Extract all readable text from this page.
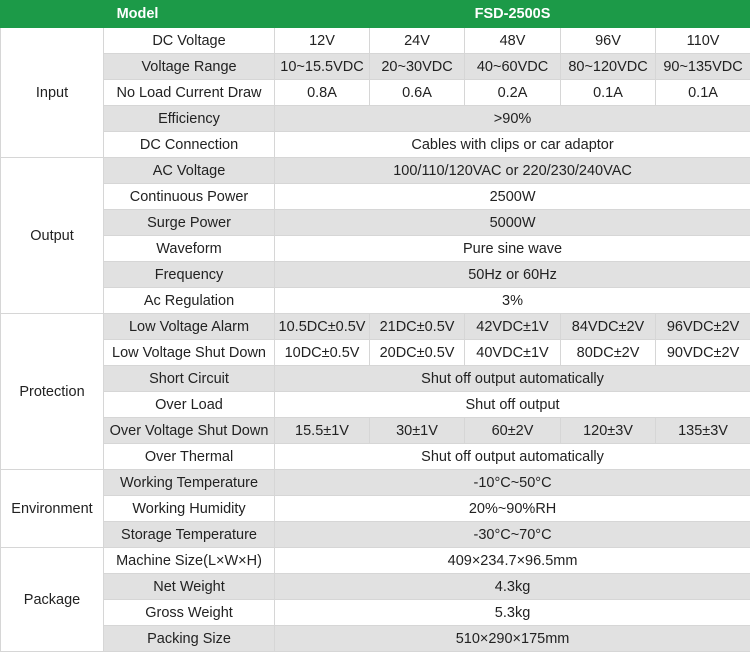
Model		FSD-2500S				
Input	DC Voltage	12V	24V	48V	96V	110V
	Voltage Range	10~15.5VDC	20~30VDC	40~60VDC	80~120VDC	90~135VDC
	No Load Current Draw	0.8A	0.6A	0.2A	0.1A	0.1A
	Efficiency	>90%				
	DC Connection	Cables with clips or car adaptor				
Output	AC Voltage	100/110/120VAC or 220/230/240VAC				
	Continuous Power	2500W				
	Surge Power	5000W				
	Waveform	Pure sine wave				
	Frequency	50Hz or 60Hz				
	Ac Regulation	3%				
Protection	Low Voltage Alarm	10.5DC±0.5V	21DC±0.5V	42VDC±1V	84VDC±2V	96VDC±2V
	Low Voltage Shut Down	10DC±0.5V	20DC±0.5V	40VDC±1V	80DC±2V	90VDC±2V
	Short Circuit	Shut off output automatically				
	Over Load	Shut off output				
	Over Voltage Shut Down	15.5±1V	30±1V	60±2V	120±3V	135±3V
	Over Thermal	Shut off output automatically				
Environment	Working Temperature	-10°C~50°C				
	Working Humidity	20%~90%RH				
	Storage Temperature	-30°C~70°C				
Package	Machine Size(L×W×H)	409×234.7×96.5mm				
	Net Weight	4.3kg				
	Gross Weight	5.3kg				
	Packing Size	510×290×175mm				
